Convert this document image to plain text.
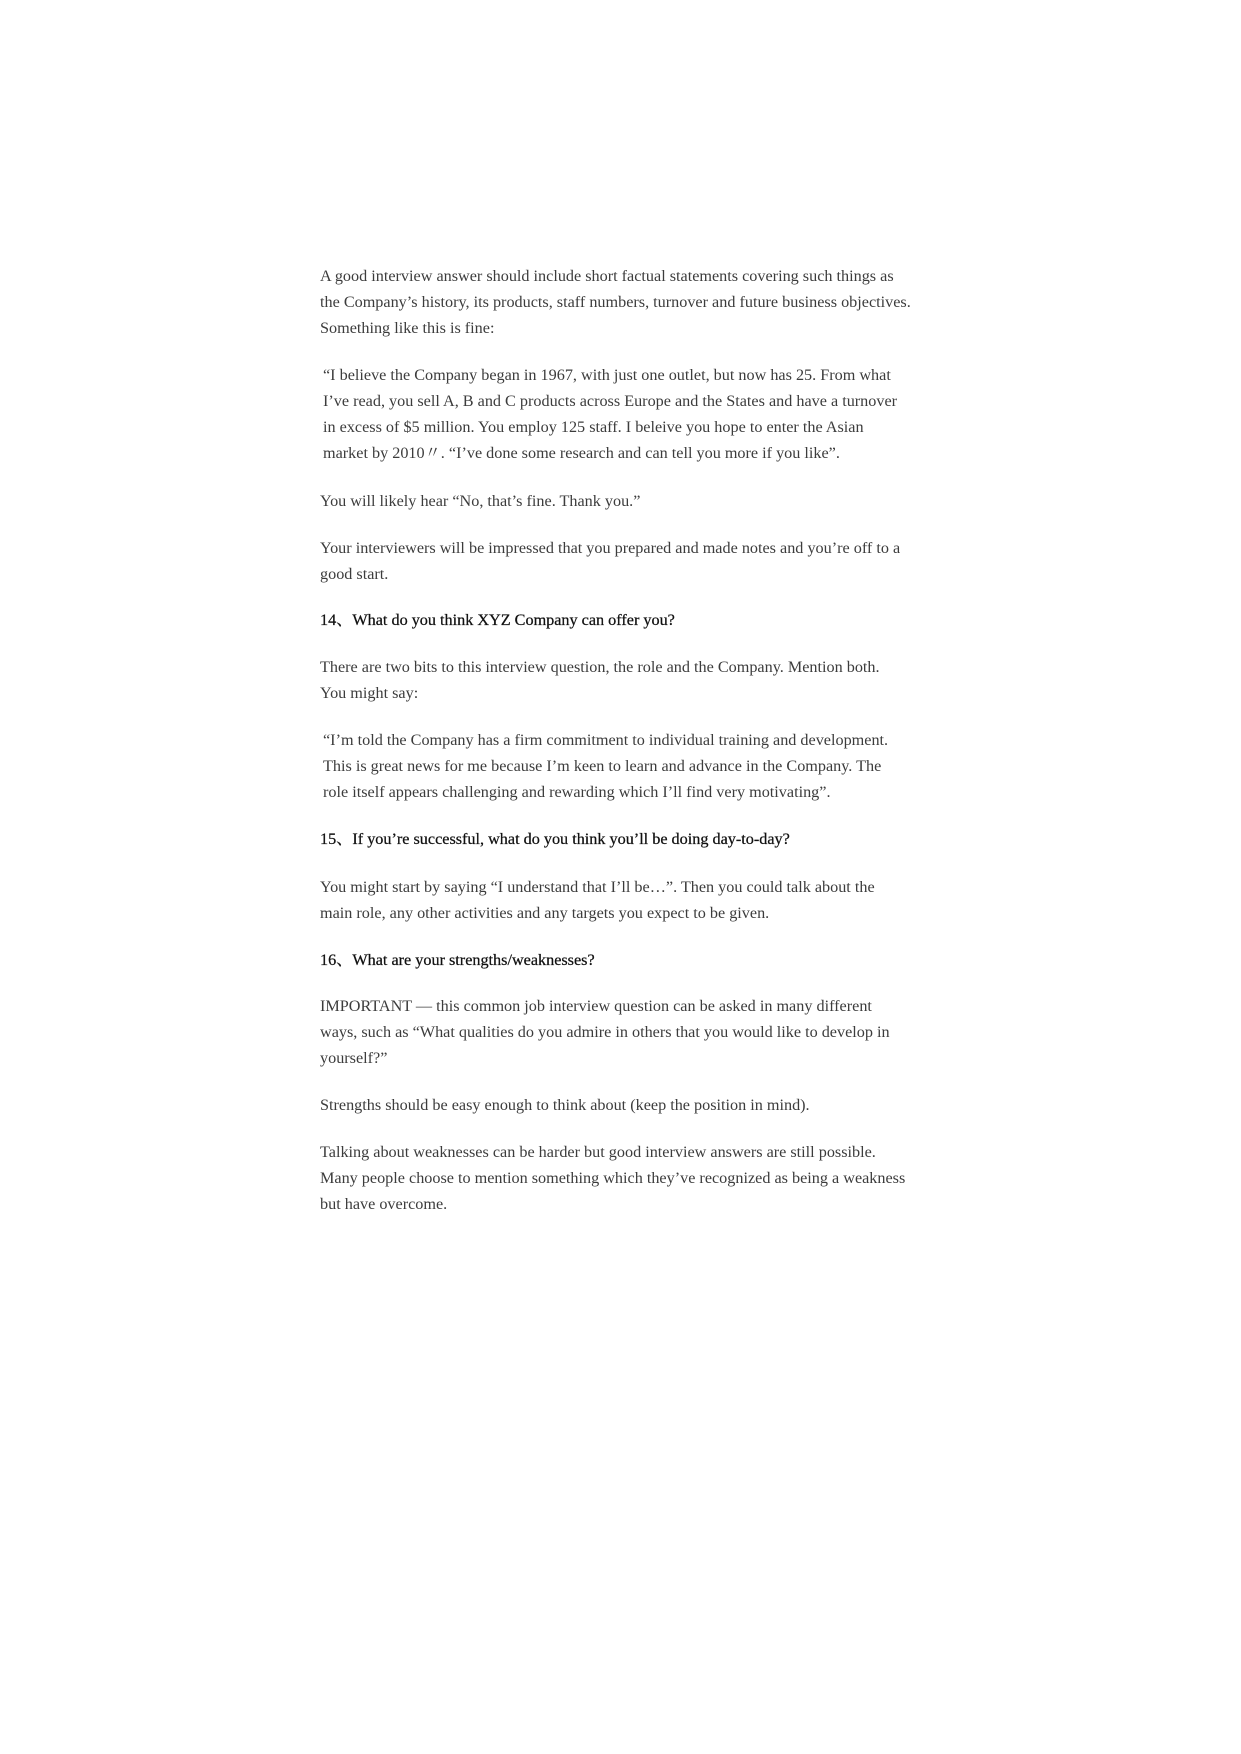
A good interview answer should include short factual statements covering such things as
the Company’s history, its products, staff numbers, turnover and future business objectives.
Something like this is fine:
“I believe the Company began in 1967, with just one outlet, but now has 25. From what
I’ve read, you sell A, B and C products across Europe and the States and have a turnover
in excess of $5 million. You employ 125 staff. I beleive you hope to enter the Asian
market by 2010〃. “I’ve done some research and can tell you more if you like”.
You will likely hear “No, that’s fine. Thank you.”
Your interviewers will be impressed that you prepared and made notes and you’re off to a
good start.
14、What do you think XYZ Company can offer you?
There are two bits to this interview question, the role and the Company. Mention both.
You might say:
“I’m told the Company has a firm commitment to individual training and development.
This is great news for me because I’m keen to learn and advance in the Company. The
role itself appears challenging and rewarding which I’ll find very motivating”.
15、If you’re successful, what do you think you’ll be doing day-to-day?
You might start by saying “I understand that I’ll be…”. Then you could talk about the
main role, any other activities and any targets you expect to be given.
16、What are your strengths/weaknesses?
IMPORTANT — this common job interview question can be asked in many different
ways, such as “What qualities do you admire in others that you would like to develop in
yourself?”
Strengths should be easy enough to think about (keep the position in mind).
Talking about weaknesses can be harder but good interview answers are still possible.
Many people choose to mention something which they’ve recognized as being a weakness
but have overcome.
